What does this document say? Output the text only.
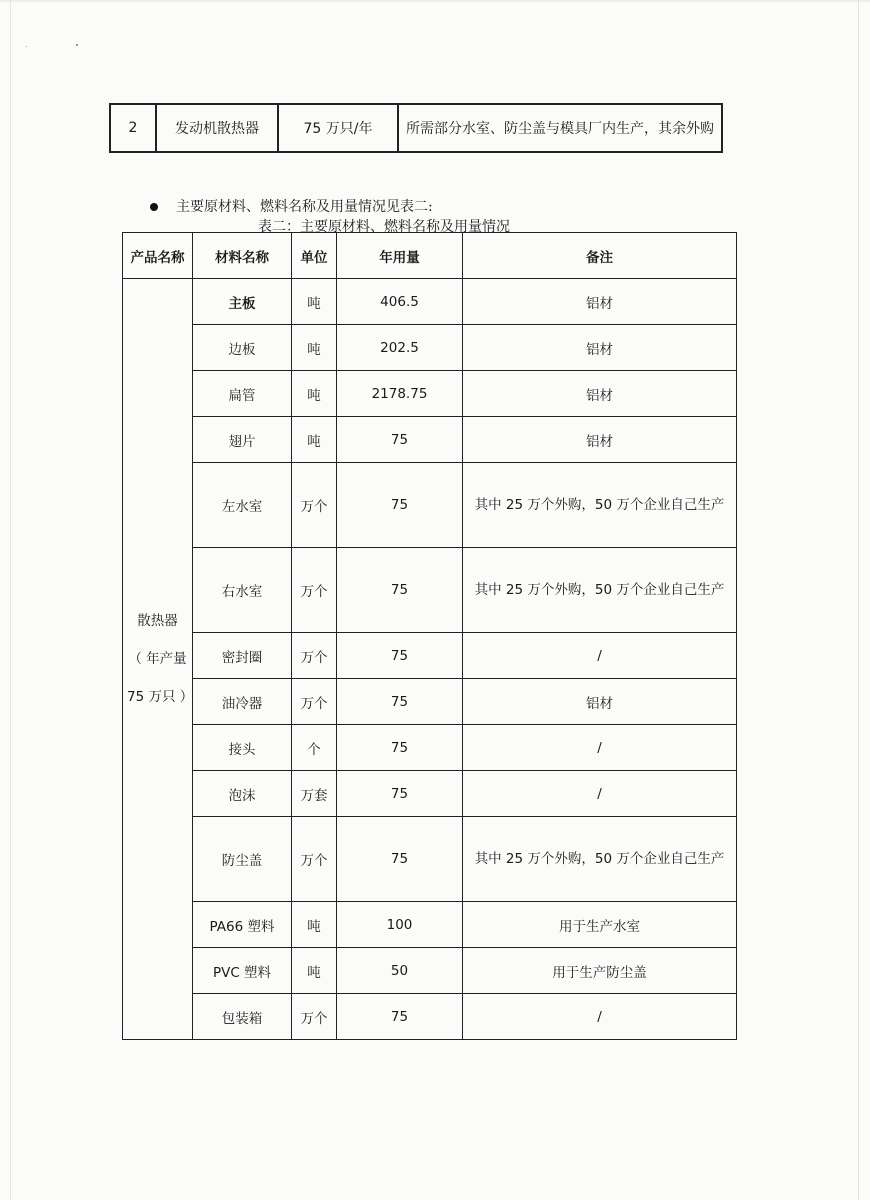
2	发动机散热器	75 万只/年	所需部分水室、防尘盖与模具厂内生产，其余外购
主要原材料、燃料名称及用量情况见表二:
表二：主要原材料、燃料名称及用量情况
产品名称	材料名称	单位	年用量	备注

散热器
（ 年产量
75 万只 ）	主板	吨	406.5	铝材
	边板	吨	202.5	铝材
	扁管	吨	2178.75	铝材
	翅片	吨	75	铝材
	左水室	万个	75	其中 25 万个外购，50 万个企业自己生产
	右水室	万个	75	其中 25 万个外购，50 万个企业自己生产
	密封圈	万个	75	/
	油冷器	万个	75	铝材
	接头	个	75	/
	泡沫	万套	75	/
	防尘盖	万个	75	其中 25 万个外购，50 万个企业自己生产
	PA66 塑料	吨	100	用于生产水室
	PVC 塑料	吨	50	用于生产防尘盖
	包装箱	万个	75	/
